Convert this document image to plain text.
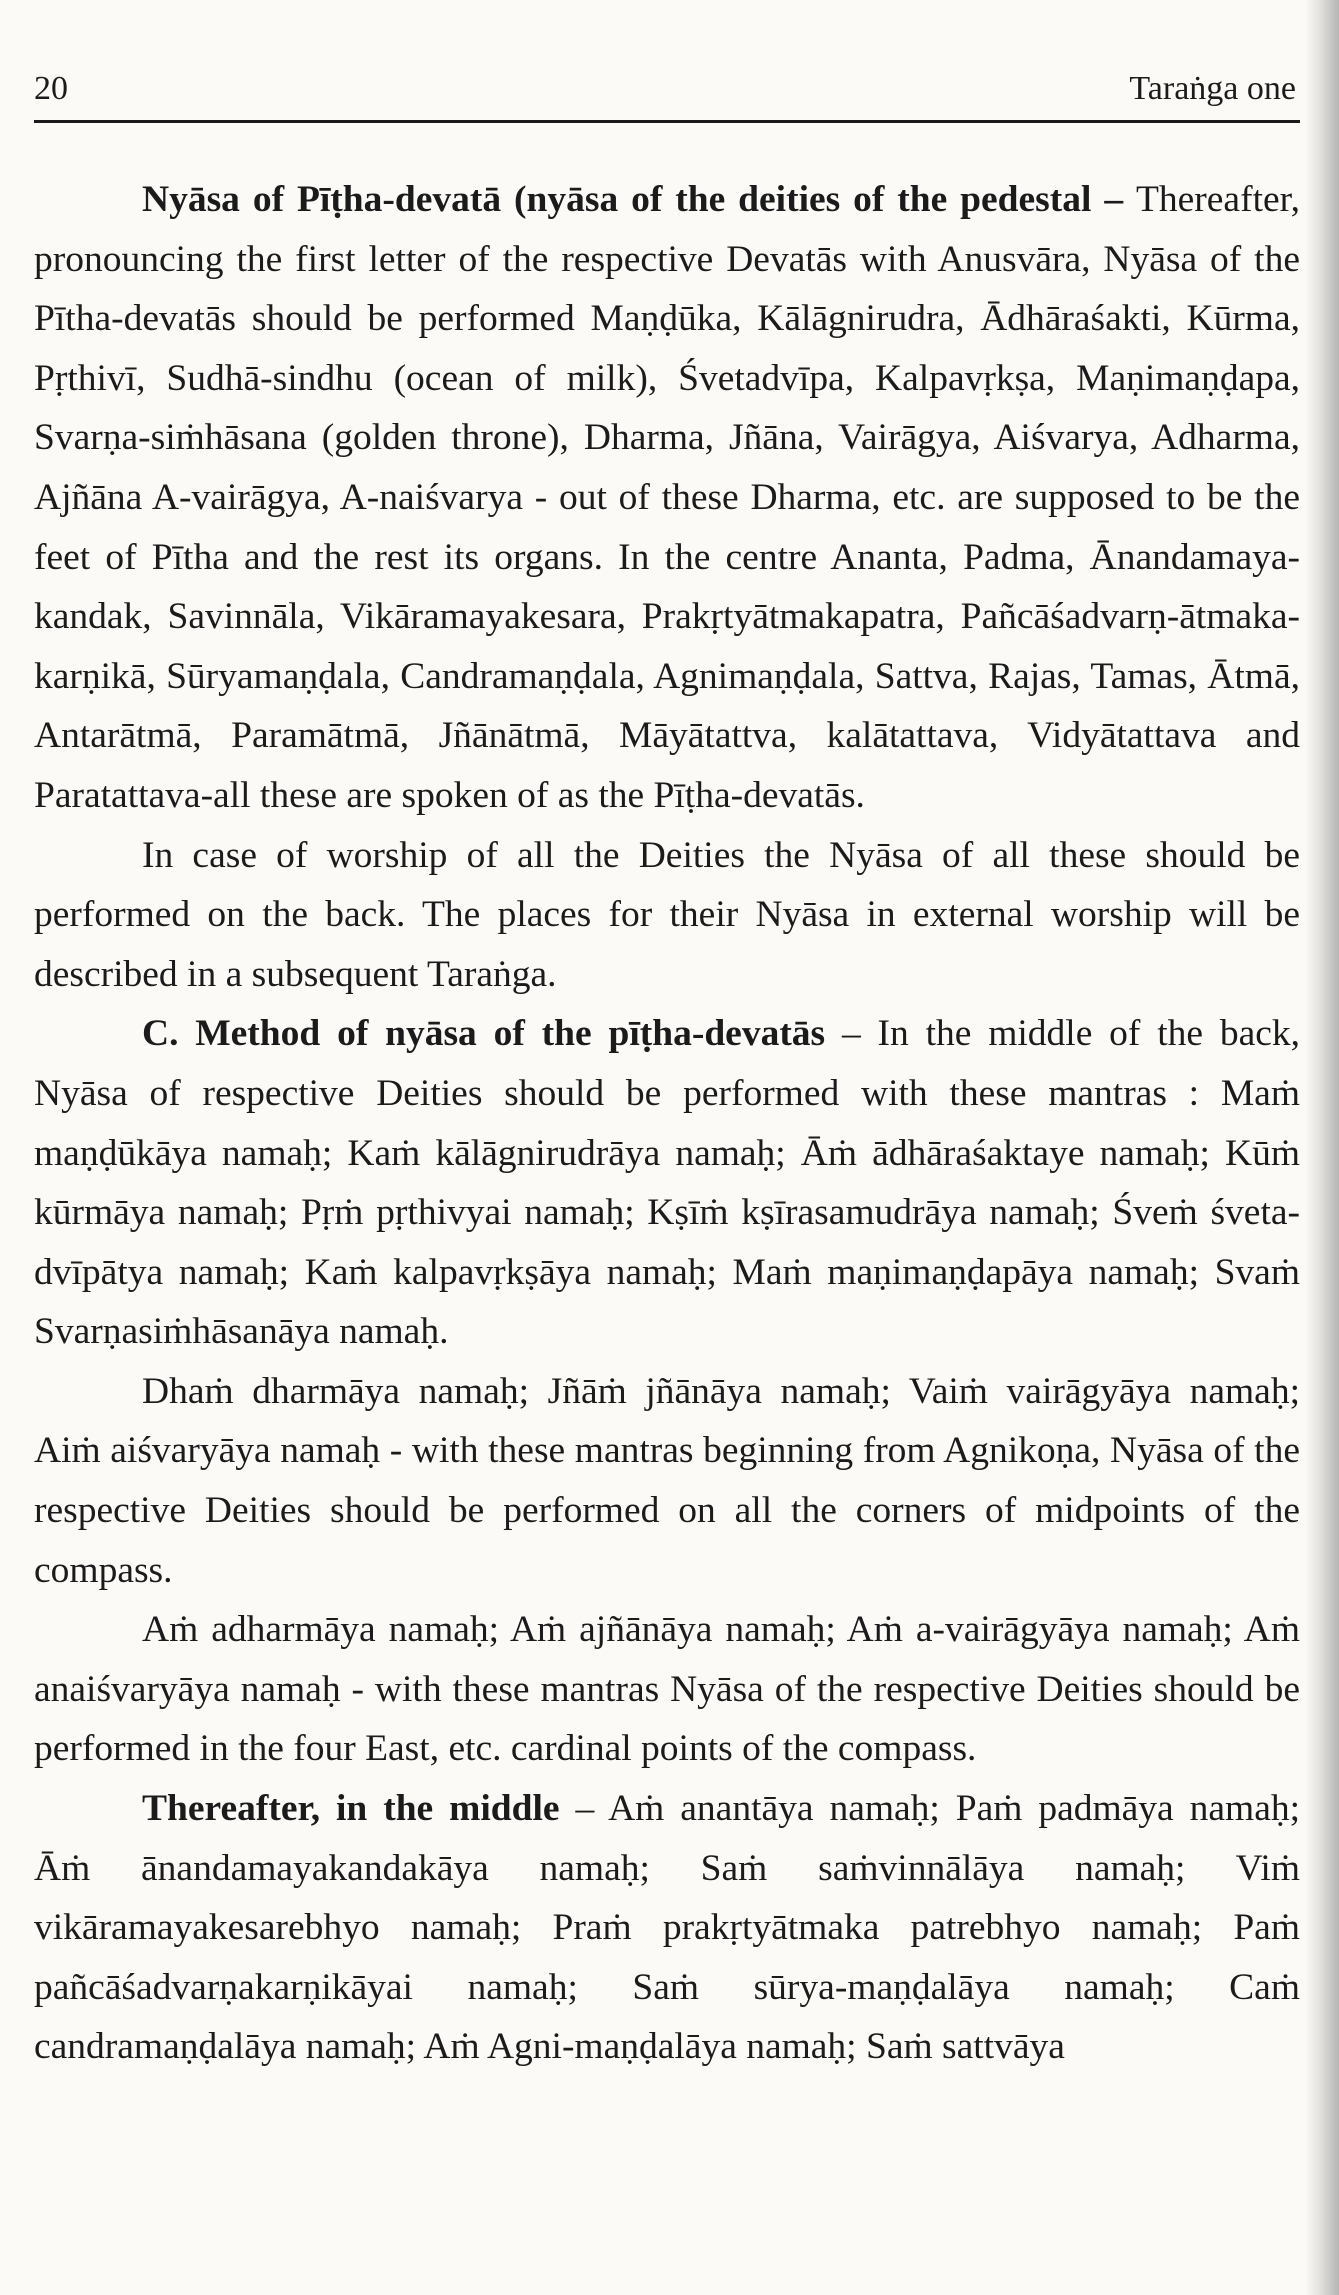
20	Taraṅga one

Nyāsa of Pīṭha-devatā (nyāsa of the deities of the pedestal – Thereafter, pronouncing the first letter of the respective Devatās with Anusvāra, Nyāsa of the Pītha-devatās should be performed Maṇḍūka, Kālāgnirudra, Ādhāraśakti, Kūrma, Pṛthivī, Sudhā-sindhu (ocean of milk), Śvetadvīpa, Kalpavṛkṣa, Maṇimaṇḍapa, Svarṇa-siṁhāsana (golden throne), Dharma, Jñāna, Vairāgya, Aiśvarya, Adharma, Ajñāna A-vairāgya, A-naiśvarya - out of these Dharma, etc. are supposed to be the feet of Pītha and the rest its organs. In the centre Ananta, Padma, Ānandamaya-kandak, Savinnāla, Vikāramayakesara, Prakṛtyātmakapatra, Pañcāśadvarṇ-ātmaka-karṇikā, Sūryamaṇḍala, Candramaṇḍala, Agnimaṇḍala, Sattva, Rajas, Tamas, Ātmā, Antarātmā, Paramātmā, Jñānātmā, Māyātattva, kalātattava, Vidyātattava and Paratattava-all these are spoken of as the Pīṭha-devatās.

In case of worship of all the Deities the Nyāsa of all these should be performed on the back. The places for their Nyāsa in external worship will be described in a subsequent Taraṅga.

C. Method of nyāsa of the pīṭha-devatās – In the middle of the back, Nyāsa of respective Deities should be performed with these mantras : Maṁ maṇḍūkāya namaḥ; Kaṁ kālāgnirudrāya namaḥ; Āṁ ādhāraśaktaye namaḥ; Kūṁ kūrmāya namaḥ; Pṛṁ pṛthivyai namaḥ; Kṣīṁ kṣīrasamudrāya namaḥ; Śveṁ śveta-dvīpātya namaḥ; Kaṁ kalpavṛkṣāya namaḥ; Maṁ maṇimaṇḍapāya namaḥ; Svaṁ Svarṇasiṁhāsanāya namaḥ.

Dhaṁ dharmāya namaḥ; Jñāṁ jñānāya namaḥ; Vaiṁ vairāgyāya namaḥ; Aiṁ aiśvaryāya namaḥ - with these mantras beginning from Agnikoṇa, Nyāsa of the respective Deities should be performed on all the corners of midpoints of the compass.

Aṁ adharmāya namaḥ; Aṁ ajñānāya namaḥ; Aṁ a-vairāgyāya namaḥ; Aṁ anaiśvaryāya namaḥ - with these mantras Nyāsa of the respective Deities should be performed in the four East, etc. cardinal points of the compass.

Thereafter, in the middle – Aṁ anantāya namaḥ; Paṁ padmāya namaḥ; Āṁ ānandamayakandakāya namaḥ; Saṁ saṁvinnālāya namaḥ; Viṁ vikāramayakesarebhyo namaḥ; Praṁ prakṛtyātmaka patrebhyo namaḥ; Paṁ pañcāśadvarṇakarṇikāyai namaḥ; Saṁ sūrya-maṇḍalāya namaḥ; Caṁ candramaṇḍalāya namaḥ; Aṁ Agni-maṇḍalāya namaḥ; Saṁ sattvāya
